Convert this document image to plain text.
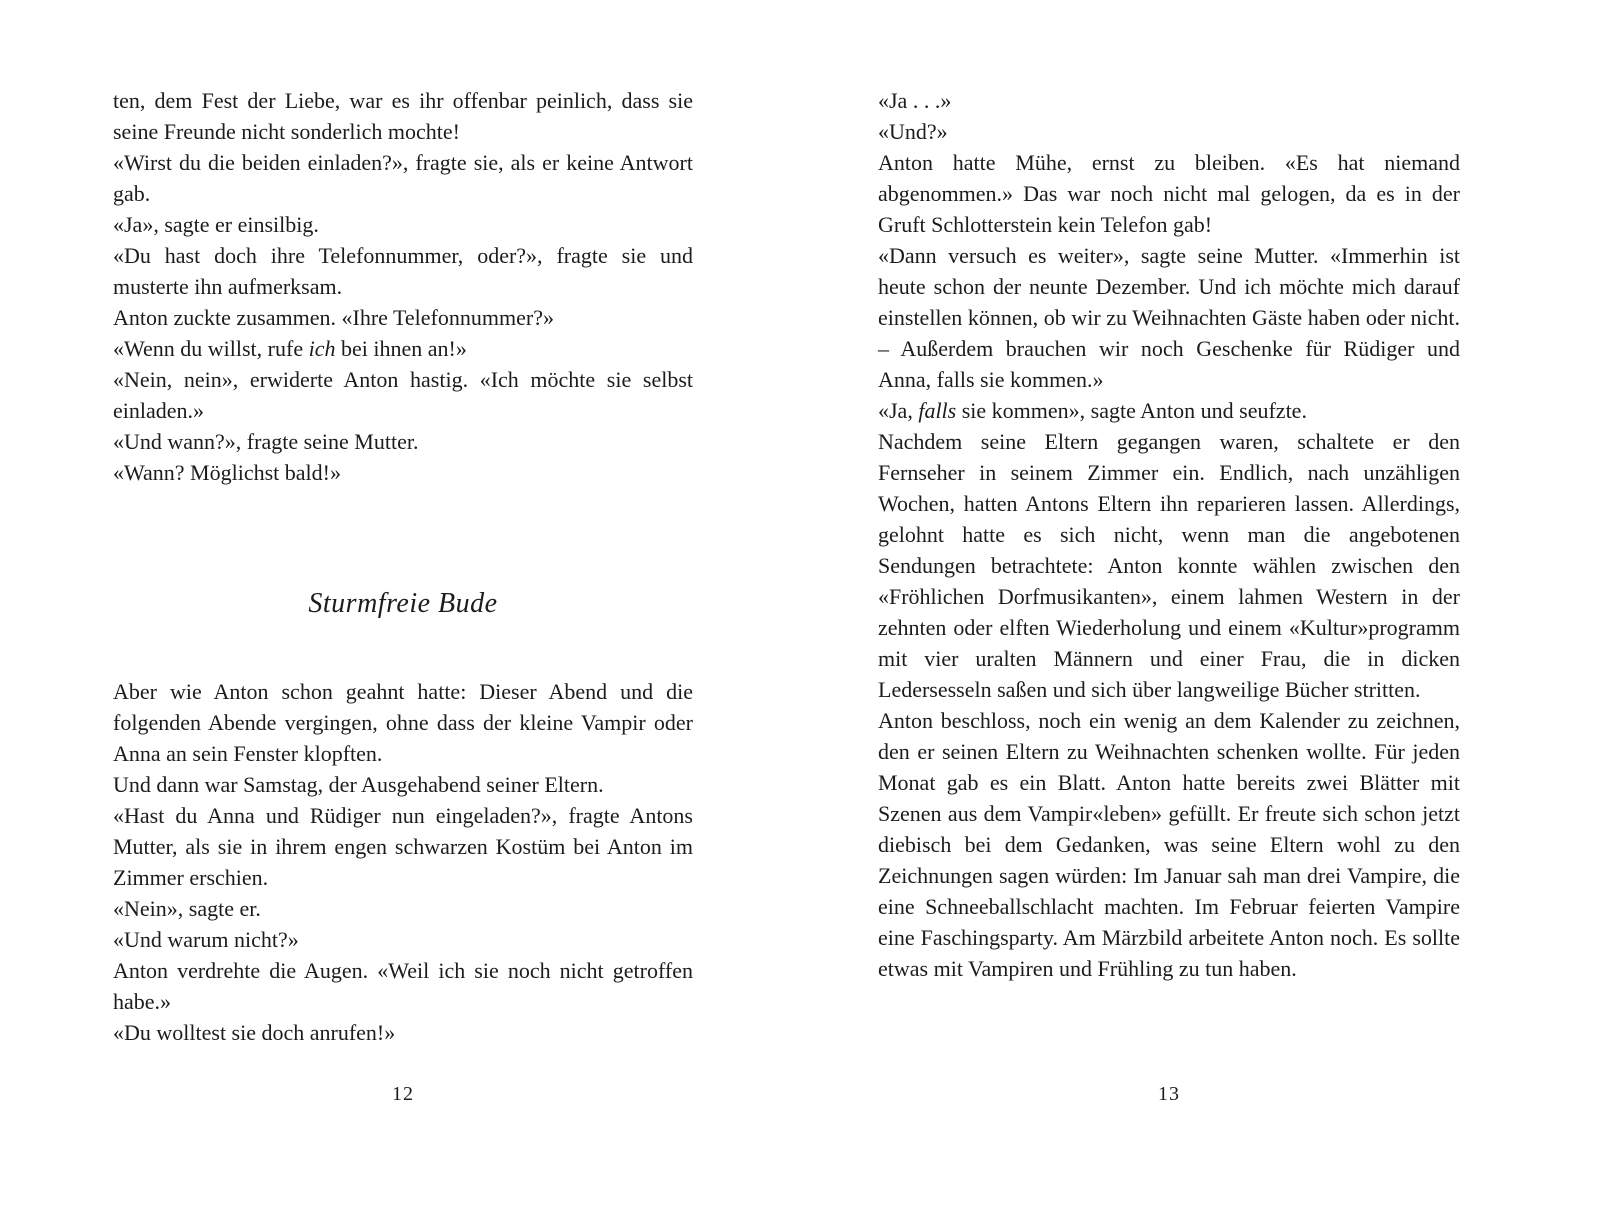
ten, dem Fest der Liebe, war es ihr offenbar peinlich, dass sie seine Freunde nicht sonderlich mochte!

«Wirst du die beiden einladen?», fragte sie, als er keine Antwort gab.

«Ja», sagte er einsilbig.

«Du hast doch ihre Telefonnummer, oder?», fragte sie und musterte ihn aufmerksam.

Anton zuckte zusammen. «Ihre Telefonnummer?»

«Wenn du willst, rufe ich bei ihnen an!»

«Nein, nein», erwiderte Anton hastig. «Ich möchte sie selbst einladen.»

«Und wann?», fragte seine Mutter.

«Wann? Möglichst bald!»

Sturmfreie Bude

Aber wie Anton schon geahnt hatte: Dieser Abend und die folgenden Abende vergingen, ohne dass der kleine Vampir oder Anna an sein Fenster klopften.

Und dann war Samstag, der Ausgehabend seiner Eltern.

«Hast du Anna und Rüdiger nun eingeladen?», fragte Antons Mutter, als sie in ihrem engen schwarzen Kostüm bei Anton im Zimmer erschien.

«Nein», sagte er.

«Und warum nicht?»

Anton verdrehte die Augen. «Weil ich sie noch nicht getroffen habe.»

«Du wolltest sie doch anrufen!»

12

«Ja . . .»

«Und?»

Anton hatte Mühe, ernst zu bleiben. «Es hat niemand abgenommen.» Das war noch nicht mal gelogen, da es in der Gruft Schlotterstein kein Telefon gab!

«Dann versuch es weiter», sagte seine Mutter. «Immerhin ist heute schon der neunte Dezember. Und ich möchte mich darauf einstellen können, ob wir zu Weihnachten Gäste haben oder nicht. – Außerdem brauchen wir noch Geschenke für Rüdiger und Anna, falls sie kommen.»

«Ja, falls sie kommen», sagte Anton und seufzte.

Nachdem seine Eltern gegangen waren, schaltete er den Fernseher in seinem Zimmer ein. Endlich, nach unzähligen Wochen, hatten Antons Eltern ihn reparieren lassen. Allerdings, gelohnt hatte es sich nicht, wenn man die angebotenen Sendungen betrachtete: Anton konnte wählen zwischen den «Fröhlichen Dorfmusikanten», einem lahmen Western in der zehnten oder elften Wiederholung und einem «Kultur»programm mit vier uralten Männern und einer Frau, die in dicken Ledersesseln saßen und sich über langweilige Bücher stritten.

Anton beschloss, noch ein wenig an dem Kalender zu zeichnen, den er seinen Eltern zu Weihnachten schenken wollte. Für jeden Monat gab es ein Blatt. Anton hatte bereits zwei Blätter mit Szenen aus dem Vampir«leben» gefüllt. Er freute sich schon jetzt diebisch bei dem Gedanken, was seine Eltern wohl zu den Zeichnungen sagen würden: Im Januar sah man drei Vampire, die eine Schneeballschlacht machten. Im Februar feierten Vampire eine Faschingsparty. Am Märzbild arbeitete Anton noch. Es sollte etwas mit Vampiren und Frühling zu tun haben.

13
